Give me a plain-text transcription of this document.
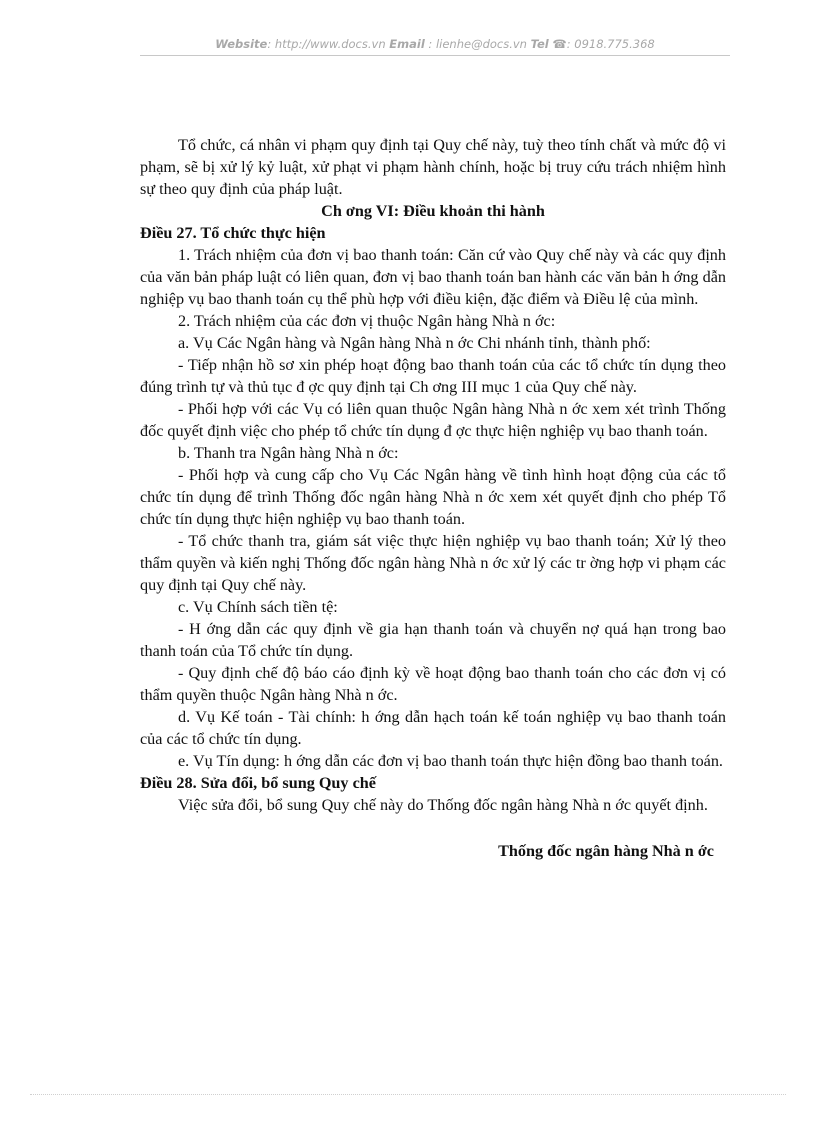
Website: http://www.docs.vn Email : lienhe@docs.vn Tel ☎: 0918.775.368

Tổ chức, cá nhân vi phạm quy định tại Quy chế này, tuỳ theo tính chất và mức độ vi phạm, sẽ bị xử lý kỷ luật, xử phạt vi phạm hành chính, hoặc bị truy cứu trách nhiệm hình sự theo quy định của pháp luật.

Ch ơng VI: Điều khoản thi hành

Điều 27. Tổ chức thực hiện

1. Trách nhiệm của đơn vị bao thanh toán: Căn cứ vào Quy chế này và các quy định của văn bản pháp luật có liên quan, đơn vị bao thanh toán ban hành các văn bản h ớng dẫn nghiệp vụ bao thanh toán cụ thể phù hợp với điều kiện, đặc điểm và Điều lệ của mình.

2. Trách nhiệm của các đơn vị thuộc Ngân hàng Nhà n ớc:

a. Vụ Các Ngân hàng và Ngân hàng Nhà n ớc Chi nhánh tỉnh, thành phố:

- Tiếp nhận hồ sơ xin phép hoạt động bao thanh toán của các tổ chức tín dụng theo đúng trình tự và thủ tục đ ợc quy định tại Ch ơng III mục 1 của Quy chế này.

- Phối hợp với các Vụ có liên quan thuộc Ngân hàng Nhà n ớc xem xét trình Thống đốc quyết định việc cho phép tổ chức tín dụng đ ợc thực hiện nghiệp vụ bao thanh toán.

b. Thanh tra Ngân hàng Nhà n ớc:

- Phối hợp và cung cấp cho Vụ Các Ngân hàng về tình hình hoạt động của các tổ chức tín dụng để trình Thống đốc ngân hàng Nhà n ớc xem xét quyết định cho phép Tổ chức tín dụng thực hiện nghiệp vụ bao thanh toán.

- Tổ chức thanh tra, giám sát việc thực hiện nghiệp vụ bao thanh toán; Xử lý theo thẩm quyền và kiến nghị Thống đốc ngân hàng Nhà n ớc xử lý các tr ờng hợp vi phạm các quy định tại Quy chế này.

c. Vụ Chính sách tiền tệ:

- H ớng dẫn các quy định về gia hạn thanh toán và chuyển nợ quá hạn trong bao thanh toán của Tổ chức tín dụng.

- Quy định chế độ báo cáo định kỳ về hoạt động bao thanh toán cho các đơn vị có thẩm quyền thuộc Ngân hàng Nhà n ớc.

d. Vụ Kế toán - Tài chính: h ớng dẫn hạch toán kế toán nghiệp vụ bao thanh toán của các tổ chức tín dụng.

e. Vụ Tín dụng: h ớng dẫn các đơn vị bao thanh toán thực hiện đồng bao thanh toán.

Điều 28. Sửa đổi, bổ sung Quy chế

Việc sửa đổi, bổ sung Quy chế này do Thống đốc ngân hàng Nhà n ớc quyết định.

Thống đốc ngân hàng Nhà n ớc
